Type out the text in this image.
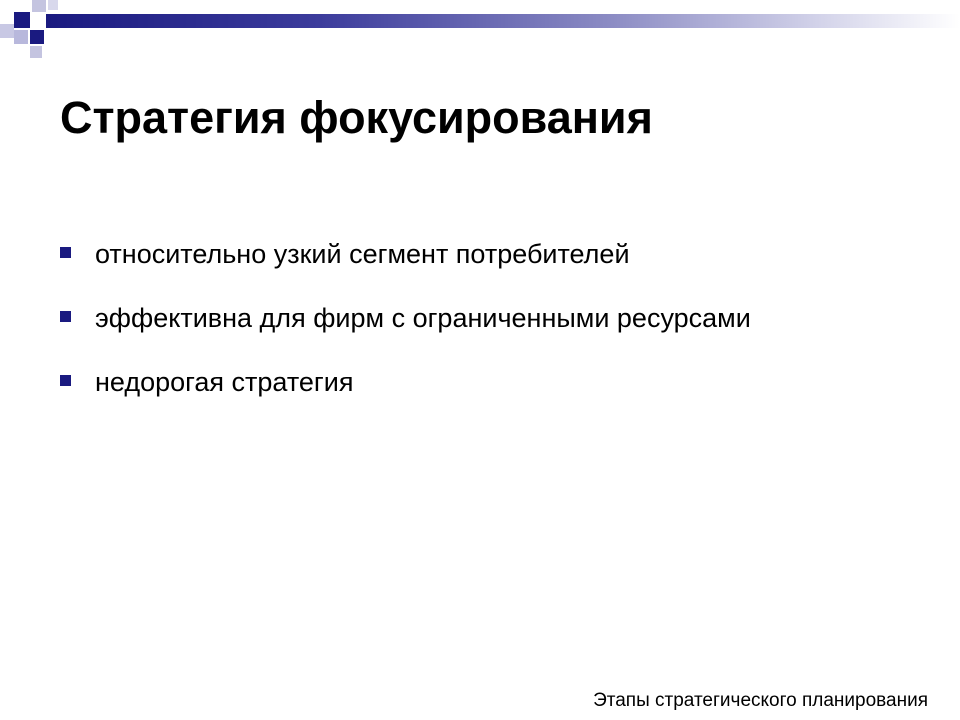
Стратегия фокусирования
относительно узкий сегмент потребителей
эффективна для фирм с ограниченными ресурсами
недорогая стратегия
Этапы стратегического планирования
